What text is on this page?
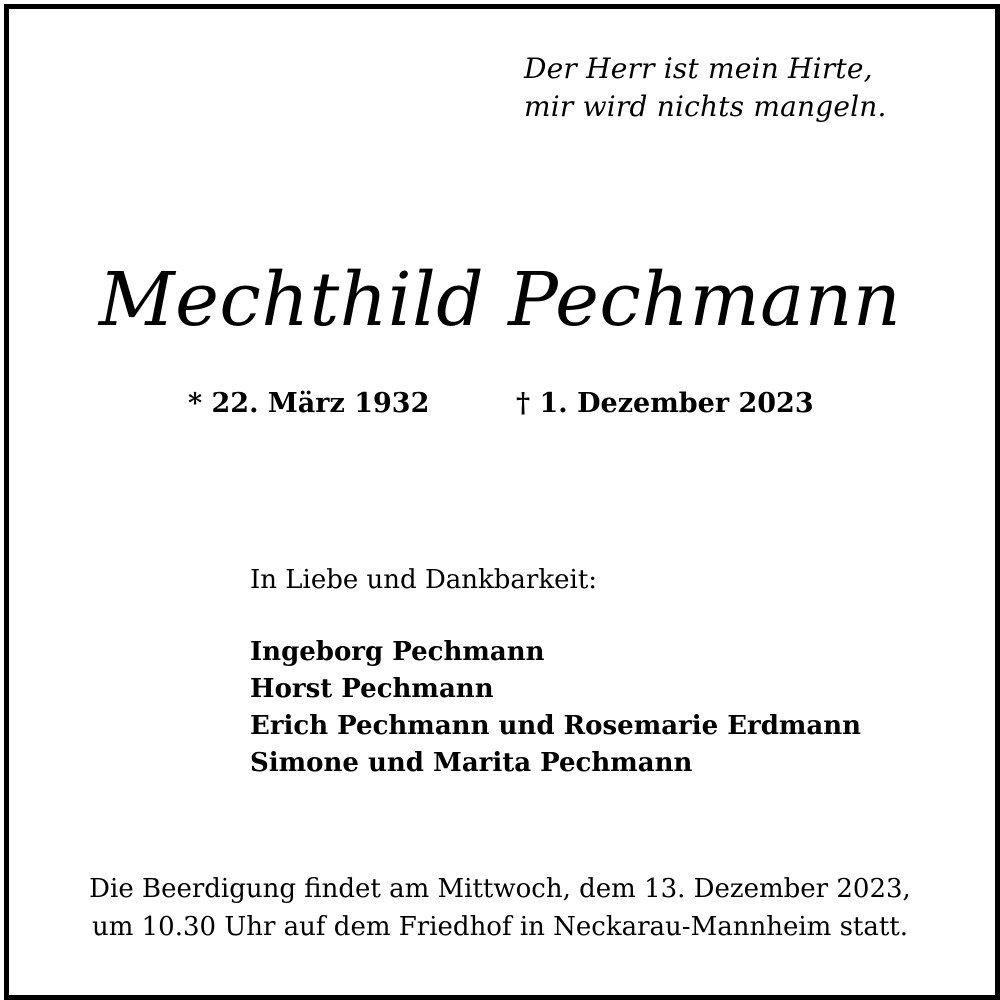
Der Herr ist mein Hirte,
mir wird nichts mangeln.
Mechthild Pechmann
* 22. März 1932	† 1. Dezember 2023
In Liebe und Dankbarkeit:
Ingeborg Pechmann
Horst Pechmann
Erich Pechmann und Rosemarie Erdmann
Simone und Marita Pechmann
Die Beerdigung findet am Mittwoch, dem 13. Dezember 2023,
um 10.30 Uhr auf dem Friedhof in Neckarau-Mannheim statt.
